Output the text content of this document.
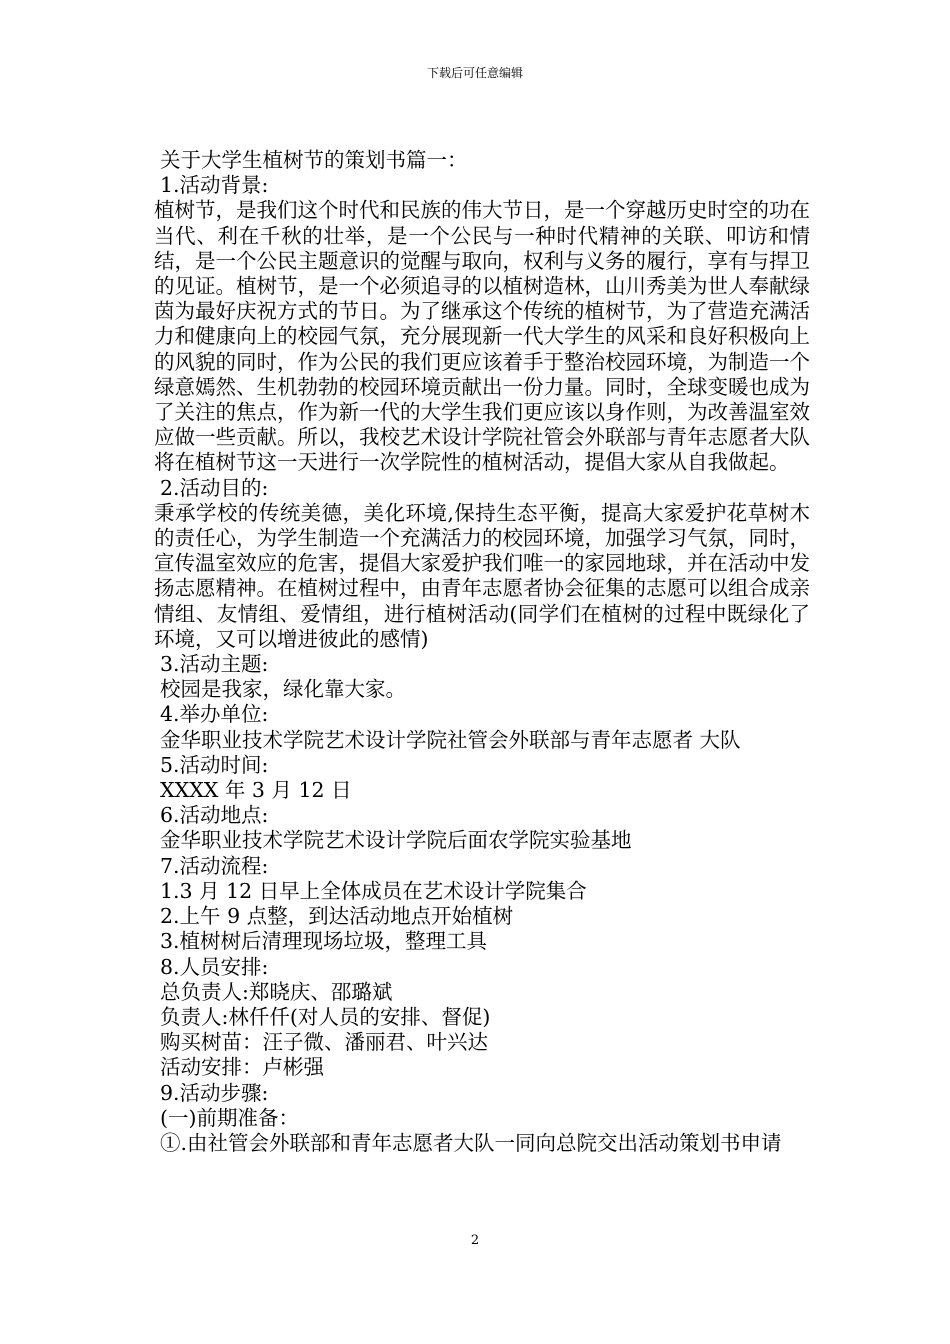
下载后可任意编辑

关于大学生植树节的策划书篇一：

1.活动背景:

植树节，是我们这个时代和民族的伟大节日，是一个穿越历史时空的功在当代、利在千秋的壮举，是一个公民与一种时代精神的关联、叩访和情结，是一个公民主题意识的觉醒与取向，权利与义务的履行，享有与捍卫的见证。植树节，是一个必须追寻的以植树造林，山川秀美为世人奉献绿茵为最好庆祝方式的节日。为了继承这个传统的植树节，为了营造充满活力和健康向上的校园气氛，充分展现新一代大学生的风采和良好积极向上的风貌的同时，作为公民的我们更应该着手于整治校园环境，为制造一个绿意嫣然、生机勃勃的校园环境贡献出一份力量。同时，全球变暖也成为了关注的焦点，作为新一代的大学生我们更应该以身作则，为改善温室效应做一些贡献。所以，我校艺术设计学院社管会外联部与青年志愿者大队将在植树节这一天进行一次学院性的植树活动，提倡大家从自我做起。

2.活动目的:

秉承学校的传统美德，美化环境,保持生态平衡，提高大家爱护花草树木的责任心，为学生制造一个充满活力的校园环境，加强学习气氛，同时，宣传温室效应的危害，提倡大家爱护我们唯一的家园地球，并在活动中发扬志愿精神。在植树过程中，由青年志愿者协会征集的志愿可以组合成亲情组、友情组、爱情组，进行植树活动(同学们在植树的过程中既绿化了环境，又可以增进彼此的感情)

3.活动主题:

校园是我家，绿化靠大家。

4.举办单位:

金华职业技术学院艺术设计学院社管会外联部与青年志愿者 大队

5.活动时间:

XXXX 年 3 月 12 日

6.活动地点:

金华职业技术学院艺术设计学院后面农学院实验基地

7.活动流程:

1.3 月 12 日早上全体成员在艺术设计学院集合

2.上午 9 点整，到达活动地点开始植树

3.植树树后清理现场垃圾，整理工具

8.人员安排:

总负责人:郑晓庆、邵璐斌

负责人:林仟仟(对人员的安排、督促)

购买树苗：汪子微、潘丽君、叶兴达

活动安排：卢彬强

9.活动步骤:

(一)前期准备：

①.由社管会外联部和青年志愿者大队一同向总院交出活动策划书申请

2
